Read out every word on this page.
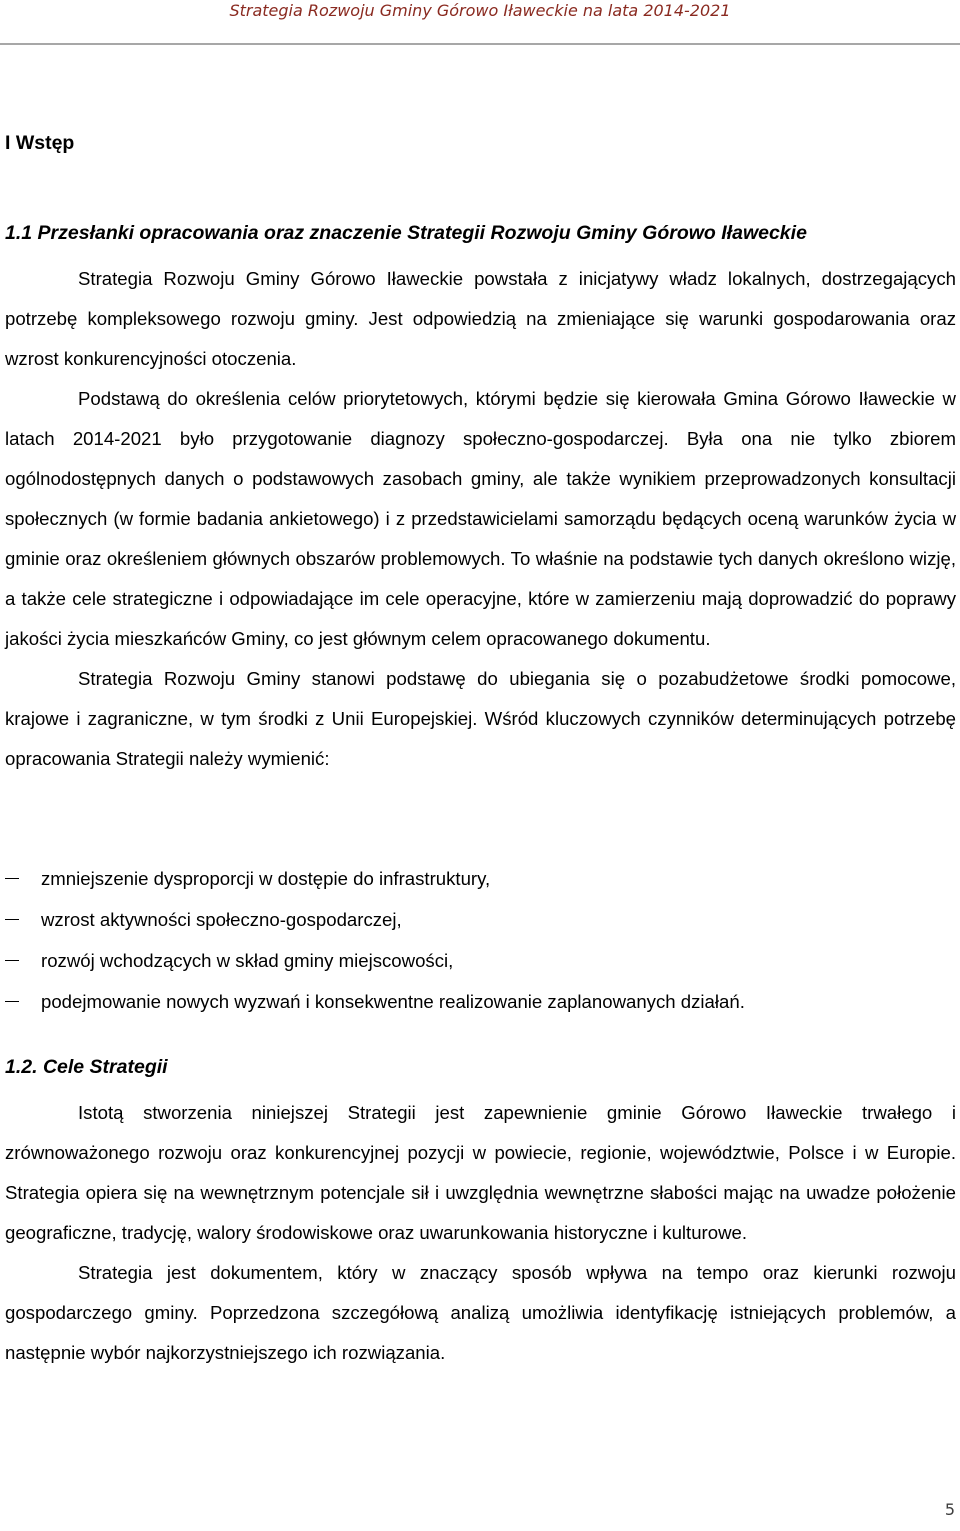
Strategia Rozwoju Gminy Górowo Iławeckie na lata 2014-2021
I Wstęp
1.1 Przesłanki opracowania oraz znaczenie Strategii Rozwoju Gminy Górowo Iławeckie

Strategia Rozwoju Gminy Górowo Iławeckie powstała z inicjatywy władz lokalnych, dostrzegających potrzebę kompleksowego rozwoju gminy. Jest odpowiedzią na zmieniające się warunki gospodarowania oraz wzrost konkurencyjności otoczenia.

Podstawą do określenia celów priorytetowych, którymi będzie się kierowała Gmina Górowo Iławeckie w latach 2014-2021 było przygotowanie diagnozy społeczno-gospodarczej. Była ona nie tylko zbiorem ogólnodostępnych danych o podstawowych zasobach gminy, ale także wynikiem przeprowadzonych konsultacji społecznych (w formie badania ankietowego) i z przedstawicielami samorządu będących oceną warunków życia w gminie oraz określeniem głównych obszarów problemowych. To właśnie na podstawie tych danych określono wizję, a także cele strategiczne i odpowiadające im cele operacyjne, które w zamierzeniu mają doprowadzić do poprawy jakości życia mieszkańców Gminy, co jest głównym celem opracowanego dokumentu.

Strategia Rozwoju Gminy stanowi podstawę do ubiegania się o pozabudżetowe środki pomocowe, krajowe i zagraniczne, w tym środki z Unii Europejskiej. Wśród kluczowych czynników determinujących potrzebę opracowania Strategii należy wymienić:

zmniejszenie dysproporcji w dostępie do infrastruktury,
wzrost aktywności społeczno-gospodarczej,
rozwój wchodzących w skład gminy miejscowości,
podejmowanie nowych wyzwań i konsekwentne realizowanie zaplanowanych działań.
1.2. Cele Strategii

Istotą stworzenia niniejszej Strategii jest zapewnienie gminie Górowo Iławeckie trwałego i zrównoważonego rozwoju oraz konkurencyjnej pozycji w powiecie, regionie, województwie, Polsce i w Europie. Strategia opiera się na wewnętrznym potencjale sił i uwzględnia wewnętrzne słabości mając na uwadze położenie geograficzne, tradycję, walory środowiskowe oraz uwarunkowania historyczne i kulturowe.

Strategia jest dokumentem, który w znaczący sposób wpływa na tempo oraz kierunki rozwoju gospodarczego gminy. Poprzedzona szczegółową analizą umożliwia identyfikację istniejących problemów, a następnie wybór najkorzystniejszego ich rozwiązania.

5
